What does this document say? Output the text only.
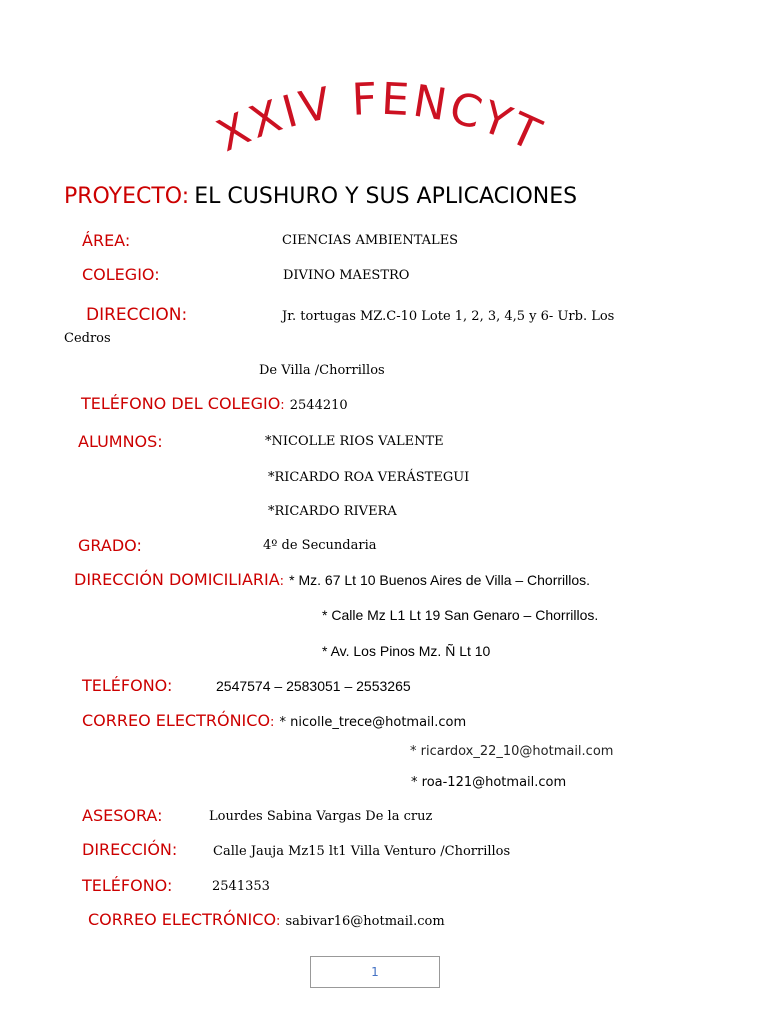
XXIV FENCYT
PROYECTO: EL CUSHURO Y SUS APLICACIONES
ÁREA:	CIENCIAS AMBIENTALES
COLEGIO:	DIVINO MAESTRO
DIRECCION:	Jr. tortugas MZ.C-10 Lote 1, 2, 3, 4,5 y 6- Urb. Los
Cedros
De Villa /Chorrillos
TELÉFONO DEL COLEGIO: 2544210
ALUMNOS:	*NICOLLE RIOS VALENTE
*RICARDO ROA VERÁSTEGUI
*RICARDO RIVERA
GRADO:	4º de Secundaria
DIRECCIÓN DOMICILIARIA: * Mz. 67 Lt 10 Buenos Aires de Villa – Chorrillos.
* Calle Mz L1 Lt 19 San Genaro – Chorrillos.
* Av. Los Pinos Mz. Ñ Lt 10
TELÉFONO:	2547574 – 2583051 – 2553265
CORREO ELECTRÓNICO: * nicolle_trece@hotmail.com
* ricardox_22_10@hotmail.com
* roa-121@hotmail.com
ASESORA:	Lourdes Sabina Vargas De la cruz
DIRECCIÓN:	Calle Jauja Mz15 lt1 Villa Venturo /Chorrillos
TELÉFONO:	2541353
CORREO ELECTRÓNICO: sabivar16@hotmail.com
$_1$
